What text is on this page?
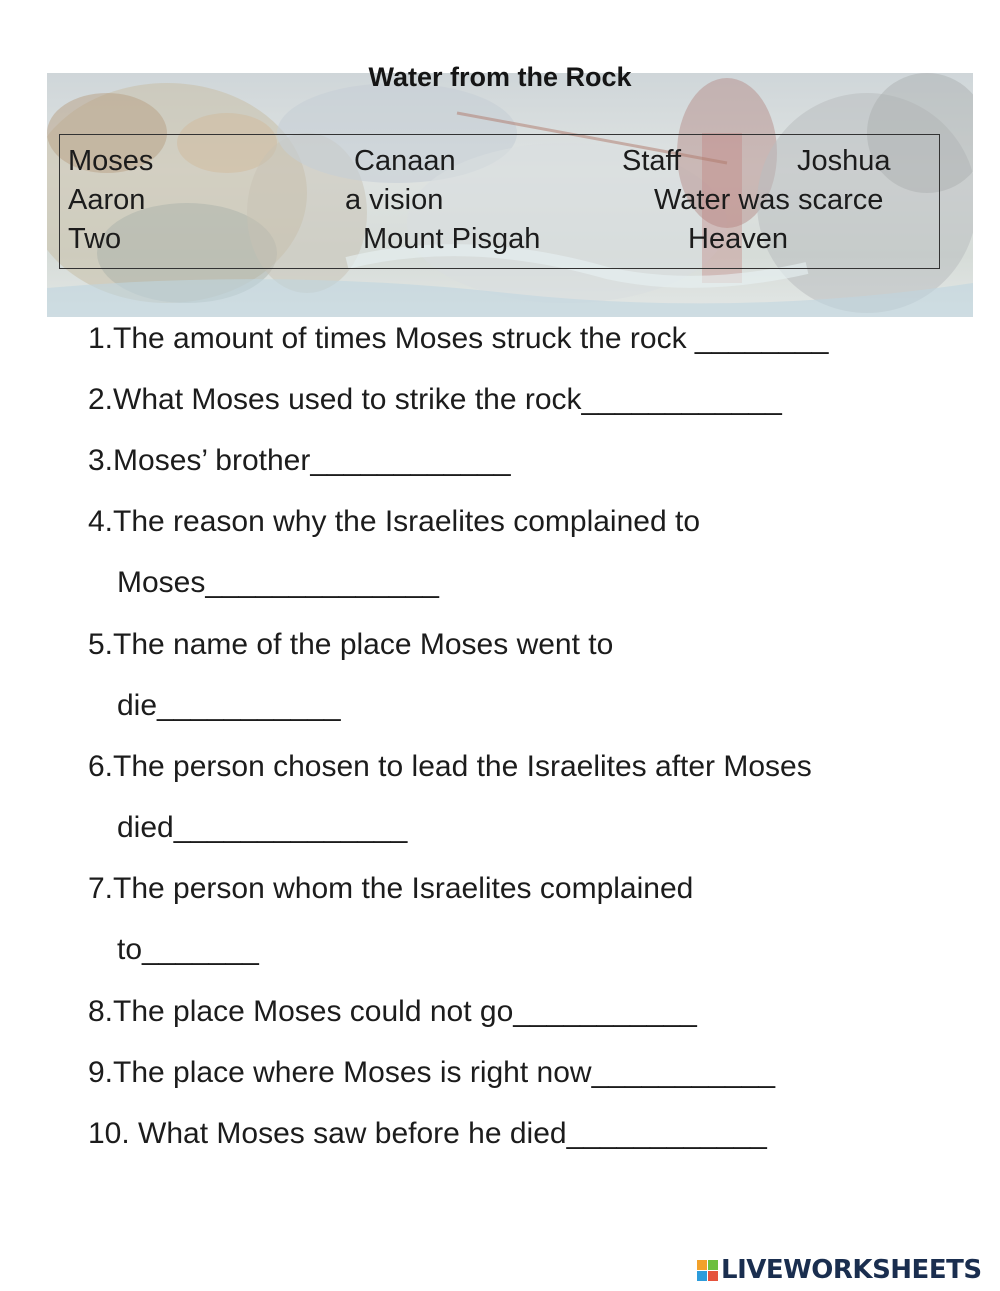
Water from the Rock
Moses	Canaan	Staff	Joshua
Aaron	a vision	Water was scarce
Two	Mount Pisgah	Heaven
1.The amount of times Moses struck the rock ________
2.What Moses used to strike the rock____________
3.Moses’ brother____________
4.The reason why the Israelites complained to
Moses______________
5.The name of the place Moses went to
die___________
6.The person chosen to lead the Israelites after Moses
died______________
7.The person whom the Israelites complained
to_______
8.The place Moses could not go___________
9.The place where Moses is right now___________
10. What Moses saw before he died____________
LIVEWORKSHEETS
